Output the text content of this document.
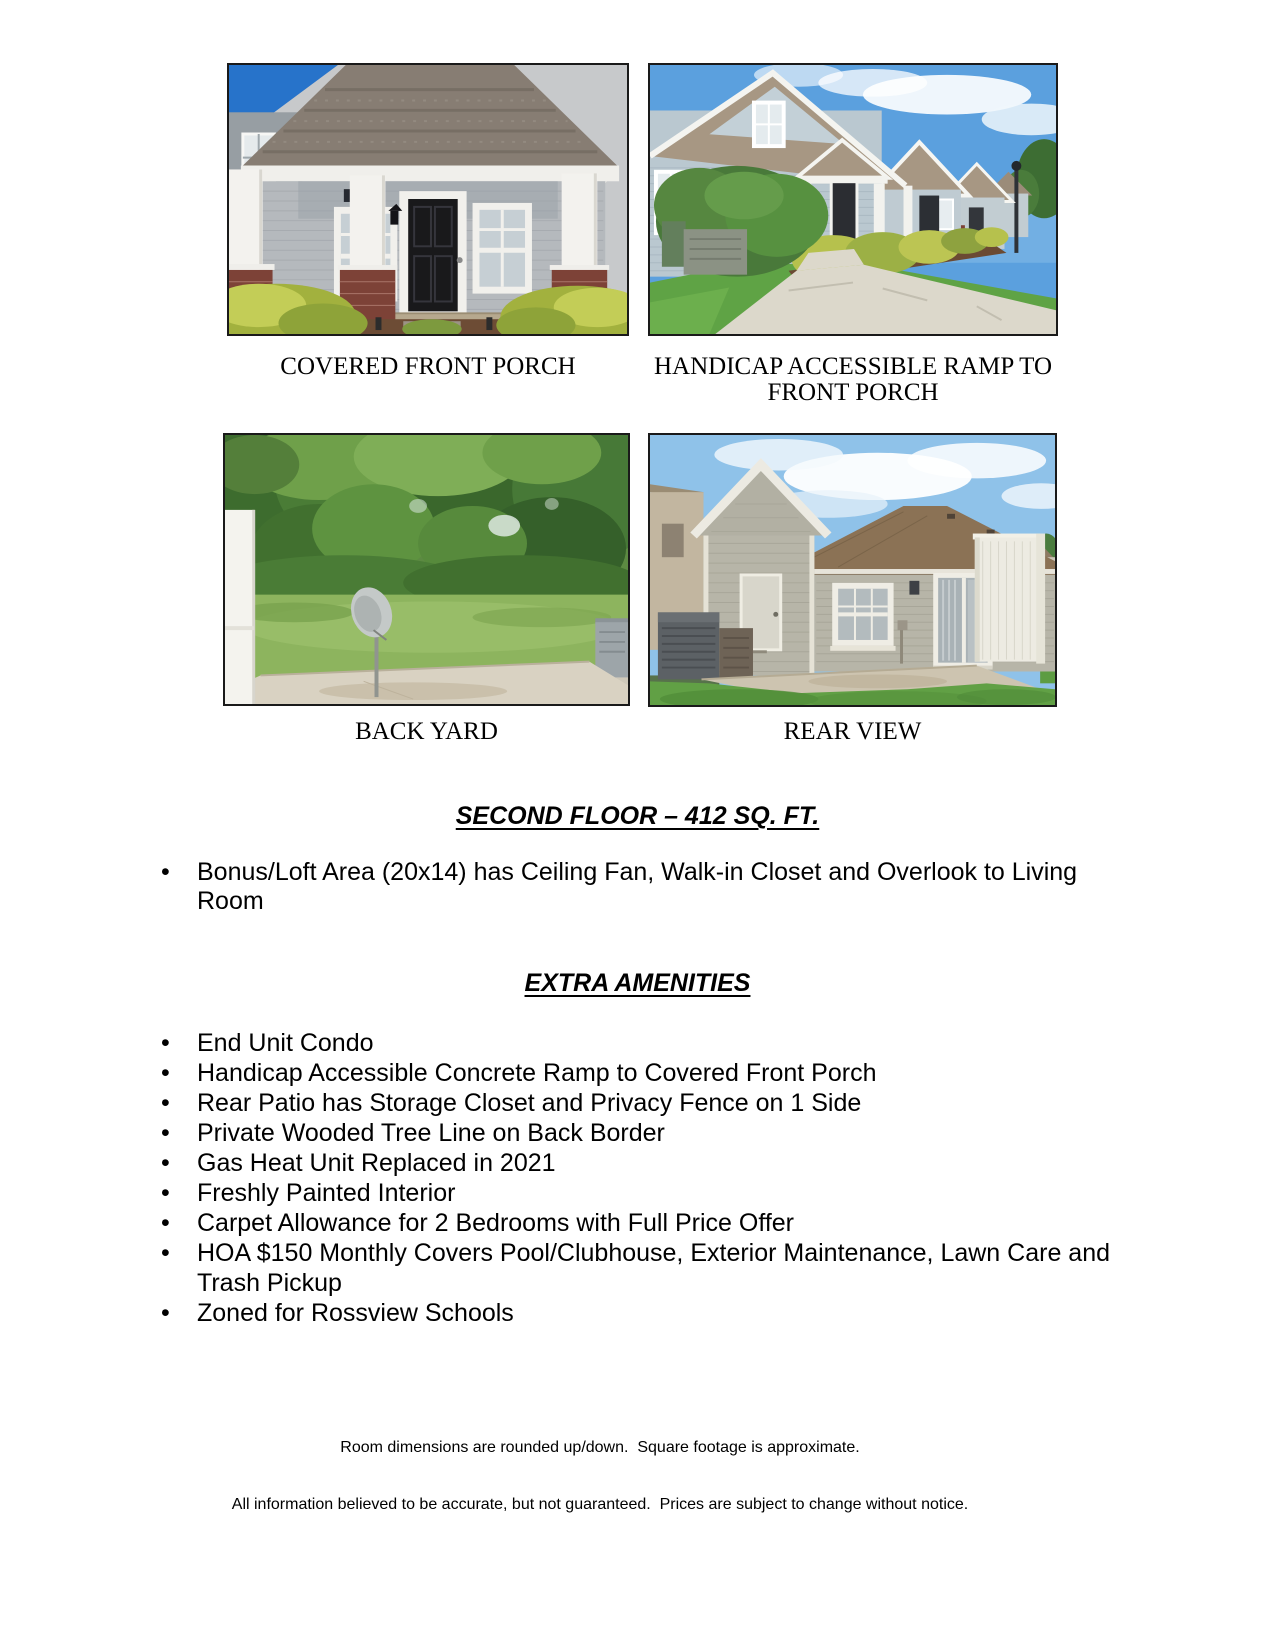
COVERED FRONT PORCH	HANDICAP ACCESSIBLE RAMP TO FRONT PORCH
BACK YARD	REAR VIEW
SECOND FLOOR – 412 SQ. FT.
• Bonus/Loft Area (20x14) has Ceiling Fan, Walk-in Closet and Overlook to Living Room
EXTRA AMENITIES
• End Unit Condo
• Handicap Accessible Concrete Ramp to Covered Front Porch
• Rear Patio has Storage Closet and Privacy Fence on 1 Side
• Private Wooded Tree Line on Back Border
• Gas Heat Unit Replaced in 2021
• Freshly Painted Interior
• Carpet Allowance for 2 Bedrooms with Full Price Offer
• HOA $150 Monthly Covers Pool/Clubhouse, Exterior Maintenance, Lawn Care and Trash Pickup
• Zoned for Rossview Schools

Room dimensions are rounded up/down.  Square footage is approximate.

All information believed to be accurate, but not guaranteed.  Prices are subject to change without notice.
